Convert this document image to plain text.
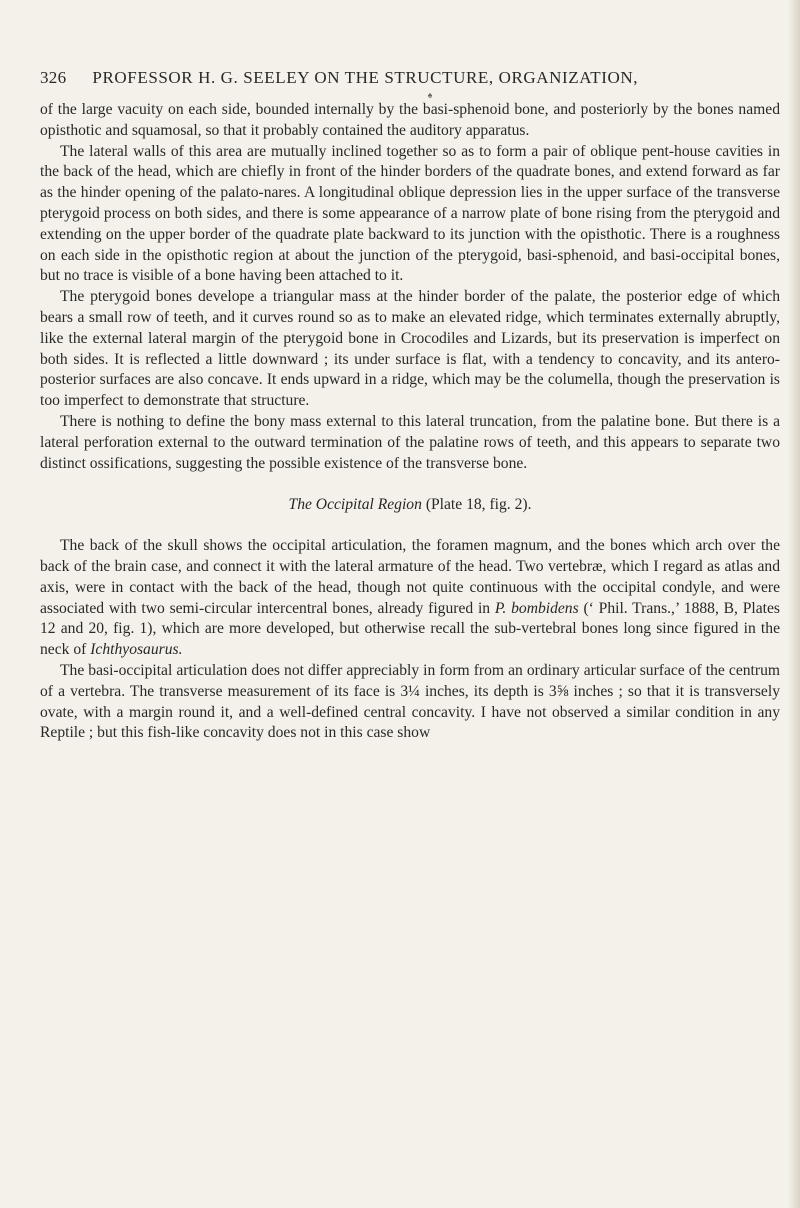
326 PROFESSOR H. G. SEELEY ON THE STRUCTURE, ORGANIZATION,
♠

of the large vacuity on each side, bounded internally by the basi-sphenoid bone, and posteriorly by the bones named opisthotic and squamosal, so that it probably contained the auditory apparatus.

The lateral walls of this area are mutually inclined together so as to form a pair of oblique pent-house cavities in the back of the head, which are chiefly in front of the hinder borders of the quadrate bones, and extend forward as far as the hinder opening of the palato-nares. A longitudinal oblique depression lies in the upper surface of the transverse pterygoid process on both sides, and there is some appearance of a narrow plate of bone rising from the pterygoid and extending on the upper border of the quadrate plate backward to its junction with the opisthotic. There is a roughness on each side in the opisthotic region at about the junction of the pterygoid, basi-sphenoid, and basi-occipital bones, but no trace is visible of a bone having been attached to it.

The pterygoid bones develope a triangular mass at the hinder border of the palate, the posterior edge of which bears a small row of teeth, and it curves round so as to make an elevated ridge, which terminates externally abruptly, like the external lateral margin of the pterygoid bone in Crocodiles and Lizards, but its preservation is imperfect on both sides. It is reflected a little downward ; its under surface is flat, with a tendency to concavity, and its antero-posterior surfaces are also concave. It ends upward in a ridge, which may be the columella, though the preservation is too imperfect to demonstrate that structure.

There is nothing to define the bony mass external to this lateral truncation, from the palatine bone. But there is a lateral perforation external to the outward termination of the palatine rows of teeth, and this appears to separate two distinct ossifications, suggesting the possible existence of the transverse bone.

The Occipital Region (Plate 18, fig. 2).

The back of the skull shows the occipital articulation, the foramen magnum, and the bones which arch over the back of the brain case, and connect it with the lateral armature of the head. Two vertebræ, which I regard as atlas and axis, were in contact with the back of the head, though not quite continuous with the occipital condyle, and were associated with two semi-circular intercentral bones, already figured in P. bombidens (‘ Phil. Trans.,’ 1888, B, Plates 12 and 20, fig. 1), which are more developed, but otherwise recall the sub-vertebral bones long since figured in the neck of Ichthyosaurus.

The basi-occipital articulation does not differ appreciably in form from an ordinary articular surface of the centrum of a vertebra. The transverse measurement of its face is 3¼ inches, its depth is 3⅝ inches ; so that it is transversely ovate, with a margin round it, and a well-defined central concavity. I have not observed a similar condition in any Reptile ; but this fish-like concavity does not in this case show
